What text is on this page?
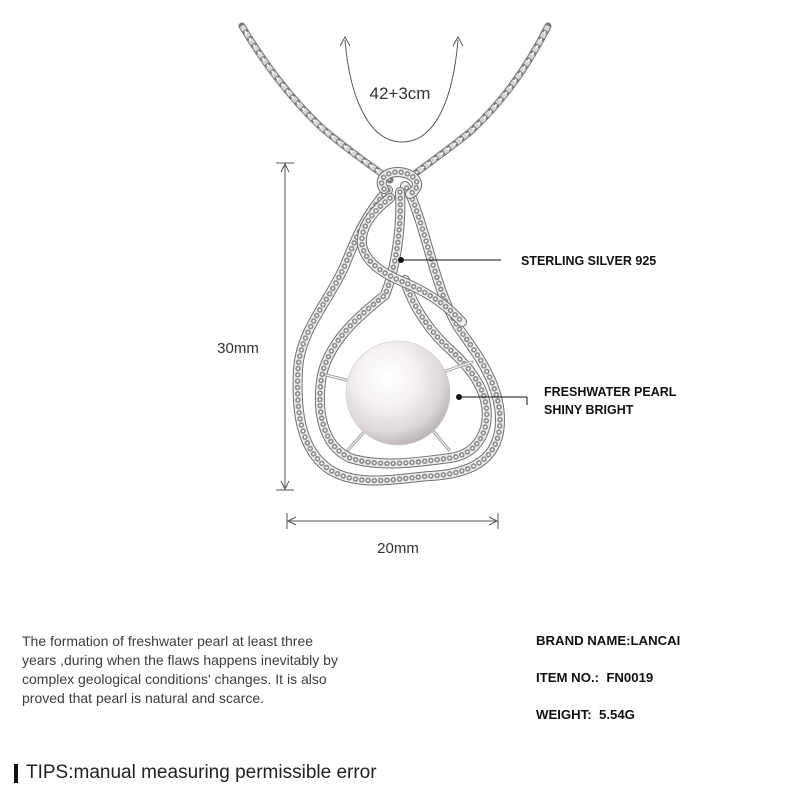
42+3cm
30mm
20mm
STERLING SILVER 925
FRESHWATER PEARL
SHINY BRIGHT
The formation of freshwater pearl at least three
years ,during when the flaws happens inevitably by
complex geological conditions' changes. It is also
proved that pearl is natural and scarce.
BRAND NAME:LANCAI
ITEM NO.:  FN0019
WEIGHT:  5.54G
TIPS:manual measuring permissible error
